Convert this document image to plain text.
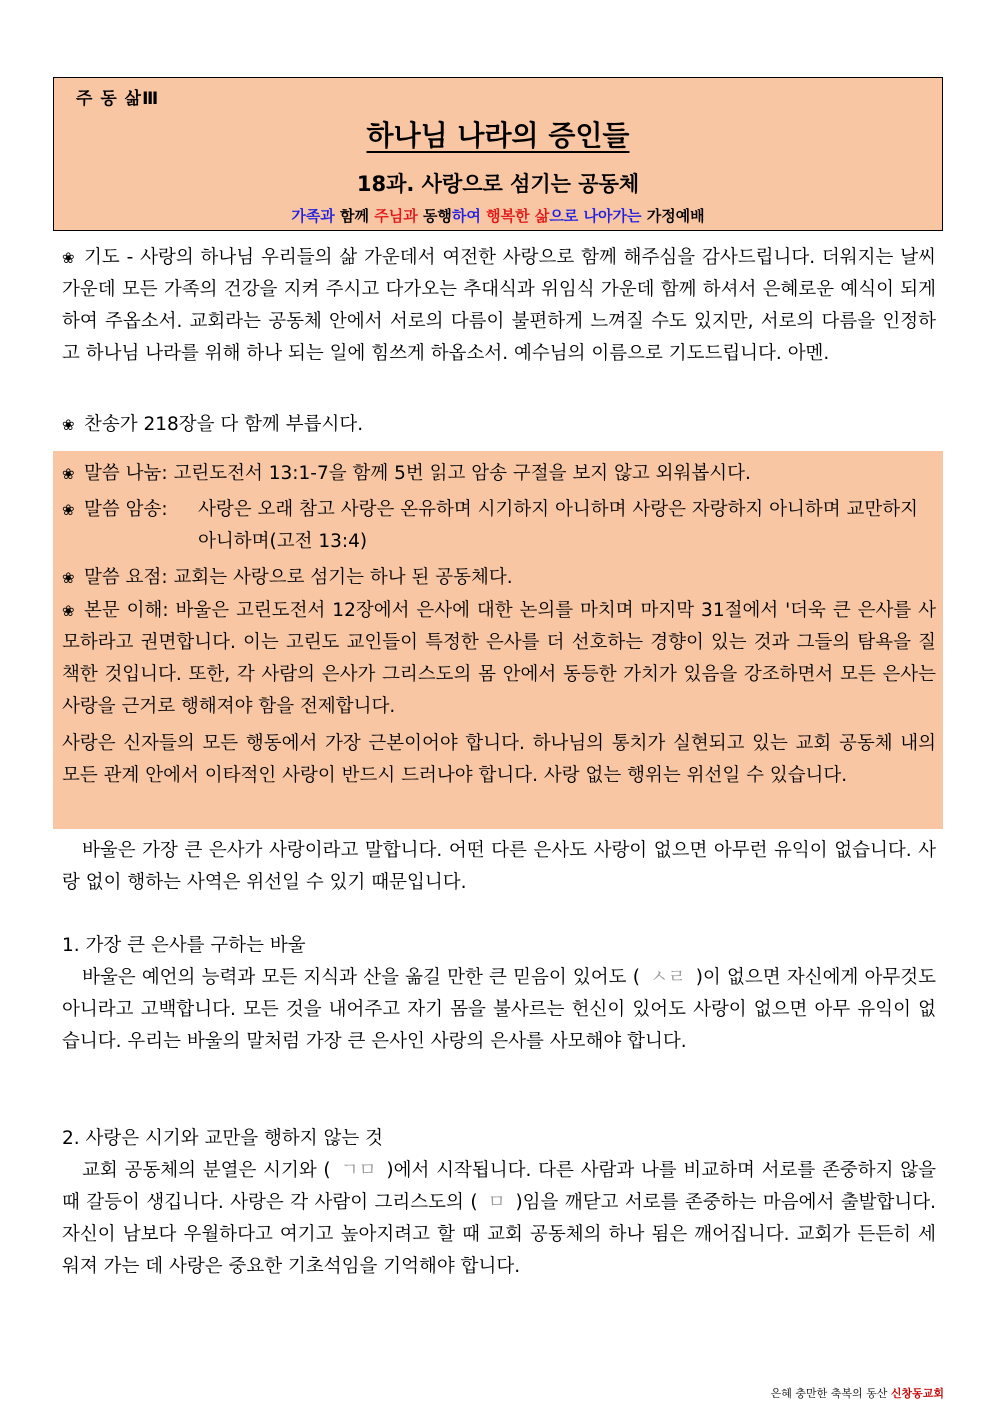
주 동 삶Ⅲ
하나님 나라의 증인들
18과. 사랑으로 섬기는 공동체
가족과 함께 주님과 동행하여 행복한 삶으로 나아가는 가정예배

❀ 기도 - 사랑의 하나님 우리들의 삶 가운데서 여전한 사랑으로 함께 해주심을 감사드립니다. 더워지는 날씨 가운데 모든 가족의 건강을 지켜 주시고 다가오는 추대식과 위임식 가운데 함께 하셔서 은혜로운 예식이 되게 하여 주옵소서. 교회라는 공동체 안에서 서로의 다름이 불편하게 느껴질 수도 있지만, 서로의 다름을 인정하고 하나님 나라를 위해 하나 되는 일에 힘쓰게 하옵소서. 예수님의 이름으로 기도드립니다. 아멘.

❀ 찬송가 218장을 다 함께 부릅시다.

❀ 말씀 나눔: 고린도전서 13:1-7을 함께 5번 읽고 암송 구절을 보지 않고 외워봅시다.
❀ 말씀 암송:	사랑은 오래 참고 사랑은 온유하며 시기하지 아니하며 사랑은 자랑하지 아니하며 교만하지 아니하며(고전 13:4)
❀ 말씀 요점: 교회는 사랑으로 섬기는 하나 된 공동체다.

❀ 본문 이해: 바울은 고린도전서 12장에서 은사에 대한 논의를 마치며 마지막 31절에서 '더욱 큰 은사를 사모하라고 권면합니다. 이는 고린도 교인들이 특정한 은사를 더 선호하는 경향이 있는 것과 그들의 탐욕을 질책한 것입니다. 또한, 각 사람의 은사가 그리스도의 몸 안에서 동등한 가치가 있음을 강조하면서 모든 은사는 사랑을 근거로 행해져야 함을 전제합니다.

사랑은 신자들의 모든 행동에서 가장 근본이어야 합니다. 하나님의 통치가 실현되고 있는 교회 공동체 내의 모든 관계 안에서 이타적인 사랑이 반드시 드러나야 합니다. 사랑 없는 행위는 위선일 수 있습니다.

바울은 가장 큰 은사가 사랑이라고 말합니다. 어떤 다른 은사도 사랑이 없으면 아무런 유익이 없습니다. 사랑 없이 행하는 사역은 위선일 수 있기 때문입니다.

1. 가장 큰 은사를 구하는 바울

바울은 예언의 능력과 모든 지식과 산을 옮길 만한 큰 믿음이 있어도 ( ㅅㄹ )이 없으면 자신에게 아무것도 아니라고 고백합니다. 모든 것을 내어주고 자기 몸을 불사르는 헌신이 있어도 사랑이 없으면 아무 유익이 없습니다. 우리는 바울의 말처럼 가장 큰 은사인 사랑의 은사를 사모해야 합니다.

2. 사랑은 시기와 교만을 행하지 않는 것

교회 공동체의 분열은 시기와 ( ㄱㅁ )에서 시작됩니다. 다른 사람과 나를 비교하며 서로를 존중하지 않을 때 갈등이 생깁니다. 사랑은 각 사람이 그리스도의 ( ㅁ )임을 깨닫고 서로를 존중하는 마음에서 출발합니다. 자신이 남보다 우월하다고 여기고 높아지려고 할 때 교회 공동체의 하나 됨은 깨어집니다. 교회가 든든히 세워져 가는 데 사랑은 중요한 기초석임을 기억해야 합니다.

은혜 충만한 축복의 동산 신창동교회
